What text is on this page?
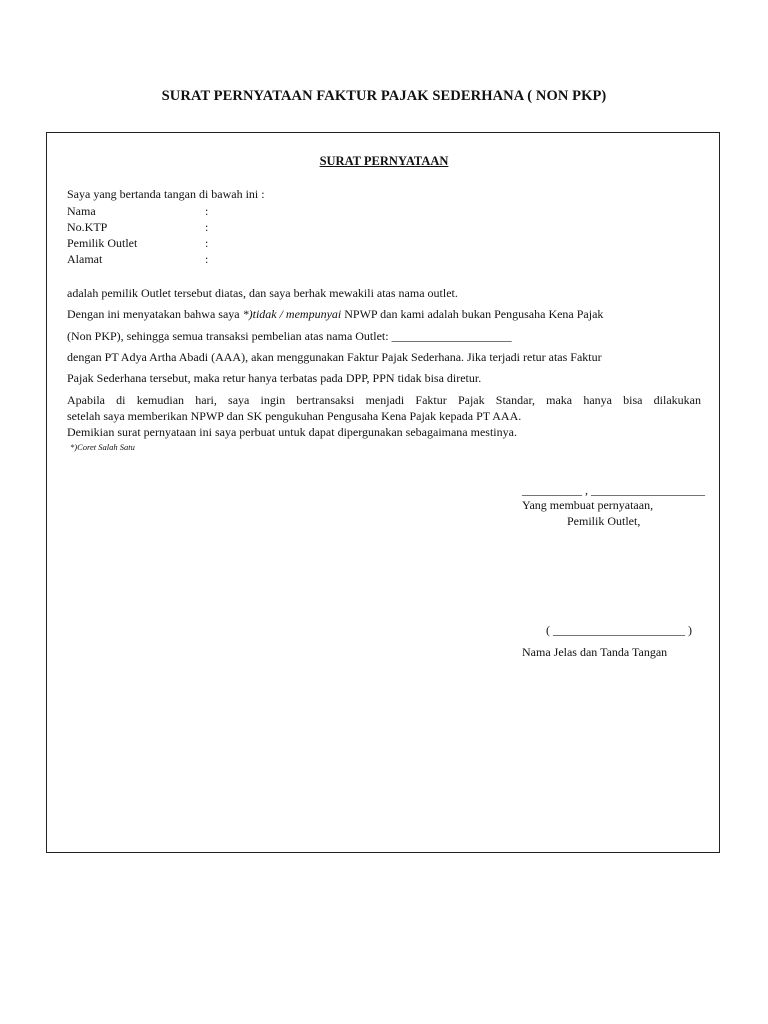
SURAT PERNYATAAN FAKTUR PAJAK SEDERHANA ( NON PKP)
SURAT PERNYATAAN
Saya yang bertanda tangan di bawah ini :
Nama	:
No.KTP	:
Pemilik Outlet	:
Alamat	:
adalah pemilik Outlet tersebut diatas, dan saya berhak mewakili atas nama outlet.
Dengan ini menyatakan bahwa saya *)tidak / mempunyai NPWP dan kami adalah bukan Pengusaha Kena Pajak
(Non PKP), sehingga semua transaksi pembelian atas nama Outlet: ____________________
dengan PT Adya Artha Abadi (AAA), akan menggunakan Faktur Pajak Sederhana. Jika terjadi retur atas Faktur
Pajak Sederhana tersebut, maka retur hanya terbatas pada DPP, PPN tidak bisa diretur.
Apabila di kemudian hari, saya ingin bertransaksi menjadi Faktur Pajak Standar, maka hanya bisa dilakukan
setelah saya memberikan NPWP dan SK pengukuhan Pengusaha Kena Pajak kepada PT AAA.
Demikian surat pernyataan ini saya perbuat untuk dapat dipergunakan sebagaimana mestinya.
*)Coret Salah Satu
__________ , ___________________
Yang membuat pernyataan,
Pemilik Outlet,
( ______________________ )
Nama Jelas dan Tanda Tangan
